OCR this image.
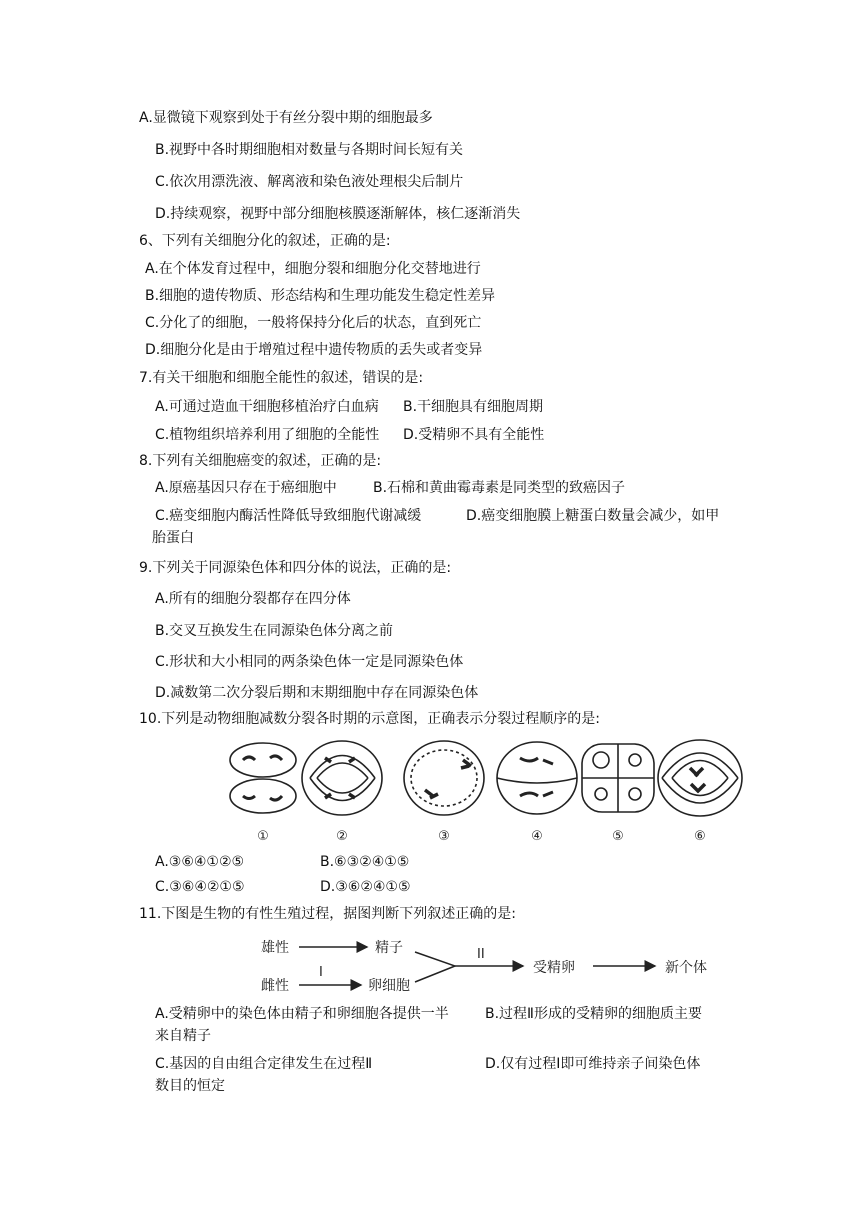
A.显微镜下观察到处于有丝分裂中期的细胞最多
B.视野中各时期细胞相对数量与各期时间长短有关
C.依次用漂洗液、解离液和染色液处理根尖后制片
D.持续观察，视野中部分细胞核膜逐渐解体，核仁逐渐消失
6、下列有关细胞分化的叙述，正确的是:
A.在个体发育过程中，细胞分裂和细胞分化交替地进行
B.细胞的遗传物质、形态结构和生理功能发生稳定性差异
C.分化了的细胞，一般将保持分化后的状态，直到死亡
D.细胞分化是由于增殖过程中遗传物质的丢失或者变异
7.有关干细胞和细胞全能性的叙述，错误的是:
A.可通过造血干细胞移植治疗白血病 B.干细胞具有细胞周期
C.植物组织培养利用了细胞的全能性 D.受精卵不具有全能性
8.下列有关细胞癌变的叙述，正确的是:
A.原癌基因只存在于癌细胞中	B.石棉和黄曲霉毒素是同类型的致癌因子
C.癌变细胞内酶活性降低导致细胞代谢减缓	D.癌变细胞膜上糖蛋白数量会减少，如甲
胎蛋白
9.下列关于同源染色体和四分体的说法，正确的是:
A.所有的细胞分裂都存在四分体
B.交叉互换发生在同源染色体分离之前
C.形状和大小相同的两条染色体一定是同源染色体
D.减数第二次分裂后期和末期细胞中存在同源染色体
10.下列是动物细胞减数分裂各时期的示意图，正确表示分裂过程顺序的是:
①	②	③	④	⑤	⑥
A.③⑥④①②⑤	B.⑥③②④①⑤
C.③⑥④②①⑤	D.③⑥②④①⑤
11.下图是生物的有性生殖过程，据图判断下列叙述正确的是:
雄性	精子
雌性	卵细胞
受精卵	新个体
I
II
A.受精卵中的染色体由精子和卵细胞各提供一半	B.过程Ⅱ形成的受精卵的细胞质主要
来自精子
C.基因的自由组合定律发生在过程Ⅱ	D.仅有过程Ⅰ即可维持亲子间染色体
数目的恒定
